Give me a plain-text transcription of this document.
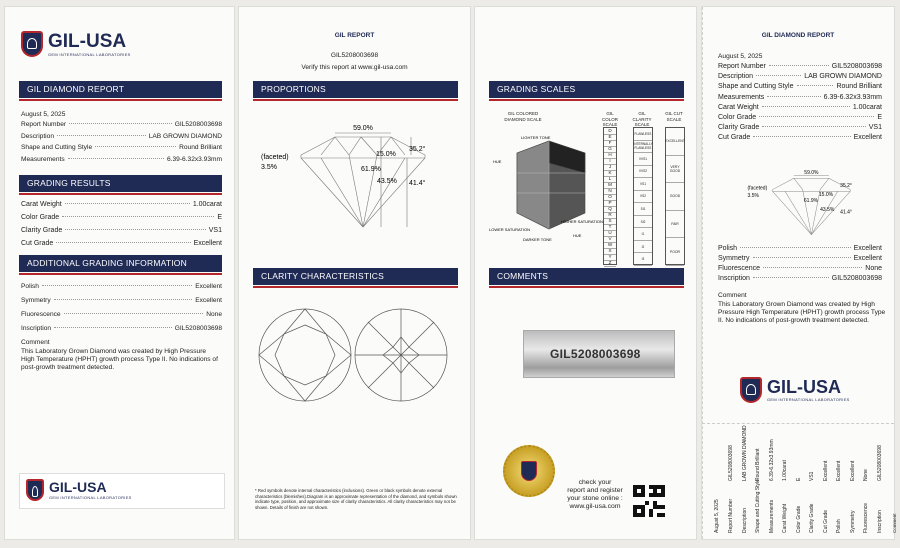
GIL-USA
GEM INTERNATIONAL LABORATORIES
GIL DIAMOND REPORT
August 5, 2025
Report Number	GIL5208003698
Description	LAB GROWN DIAMOND
Shape and Cutting Style	Round Brilliant
Measurements	6.39-6.32x3.93mm
GRADING RESULTS
Carat Weight	1.00carat
Color Grade	E
Clarity Grade	VS1
Cut Grade	Excellent
ADDITIONAL GRADING INFORMATION
Polish	Excellent
Symmetry	Excellent
Fluorescence	None
Inscription	GIL5208003698
Comment
This Laboratory Grown Diamond was created by High Pressure High Temperature (HPHT) growth process Type II. No indications of post-growth treatment detected.
GIL-USA
GEM INTERNATIONAL LABORATORIES
GIL REPORT
GIL5208003698
Verify this report at www.gil-usa.com
PROPORTIONS
59.0%
35.2°
15.0%
(faceted)
3.5%	61.9%
43.5% 41.4°
CLARITY CHARACTERISTICS
* Red symbols denote internal characteristics (inclusions). Green or black symbols denote external characteristics (blemishes).Diagram is an approximate representation of the diamond, and symbols shown indicate type, position, and approximate size of clarity characteristics. All clarity characteristics may not be shown. Details of finish are not shown.
GRADING SCALES
GIL COLORED DIAMOND SCALE
GIL COLOR SCALE
GIL CLARITY SCALE
GIL CUT SCALE
LIGHTER TONE
HUE
HIGHER SATURATION
LOWER SATURATION
DARKER TONE
HUE
D
E
F
G
H
I
J
K
L
M
N
O
P
Q
R
S
T
U
V
W
X
Y
Z
FLAWLESS
INTERNALLY FLAWLESS
VVS1
VVS2
VS1
VS2
SI1
SI2
I1
I2
I3
EXCELLENT
VERY GOOD
GOOD
FAIR
POOR
COMMENTS
GIL5208003698
check your
report and register
your stone online :
www.gil-usa.com
GIL DIAMOND REPORT
August 5, 2025
Report Number	GIL5208003698
Description	LAB GROWN DIAMOND
Shape and Cutting Style	Round Brilliant
Measurements	6.39-6.32x3.93mm
Carat Weight	1.00carat
Color Grade	E
Clarity Grade	VS1
Cut Grade	Excellent
59.0%
35.2°
15.0%
(faceted)
3.5%
61.9%
43.5% 41.4°
Polish	Excellent
Symmetry	Excellent
Fluorescence	None
Inscription	GIL5208003698
Comment
This Laboratory Grown Diamond was created by High Pressure High Temperature (HPHT) growth process Type II. No indications of post-growth treatment detected.
GIL-USA
GEM INTERNATIONAL LABORATORIES
August 5, 2025 Report Number
GIL5208003698
Description
LAB GROWN DIAMOND
Shape and Cutting Style
Round Brilliant
Measurements
6.39-6.32x3.93mm
Carat Weight
1.00carat
Color Grade
E
Clarity Grade
VS1
Cut Grade
Excellent
Polish
Excellent
Symmetry
Excellent
Fluorescence
None
Inscription
GIL5208003698
Comment
